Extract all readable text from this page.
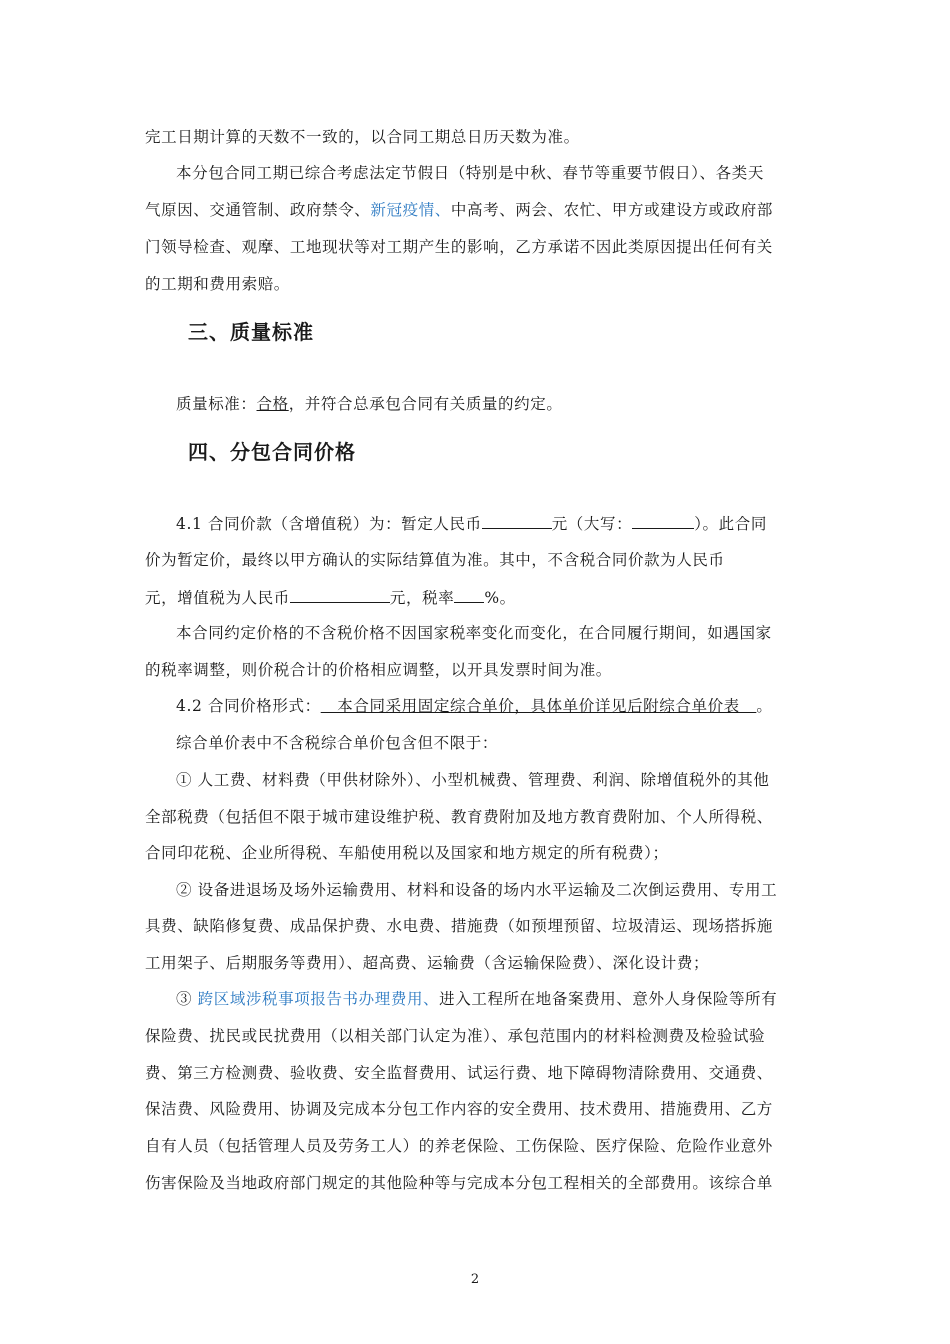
完工日期计算的天数不一致的，以合同工期总日历天数为准。
本分包合同工期已综合考虑法定节假日（特别是中秋、春节等重要节假日）、各类天
气原因、交通管制、政府禁令、新冠疫情、中高考、两会、农忙、甲方或建设方或政府部
门领导检查、观摩、工地现状等对工期产生的影响，乙方承诺不因此类原因提出任何有关
的工期和费用索赔。
三、质量标准
质量标准：合格，并符合总承包合同有关质量的约定。
四、分包合同价格
4.1 合同价款（含增值税）为：暂定人民币	元（大写：	）。此合同
价为暂定价，最终以甲方确认的实际结算值为准。其中，不含税合同价款为人民币
元，增值税为人民币	元，税率 %。
本合同约定价格的不含税价格不因国家税率变化而变化，在合同履行期间，如遇国家
的税率调整，则价税合计的价格相应调整，以开具发票时间为准。
4.2 合同价格形式：   本合同采用固定综合单价，具体单价详见后附综合单价表   。
综合单价表中不含税综合单价包含但不限于：
① 人工费、材料费（甲供材除外）、小型机械费、管理费、利润、除增值税外的其他
全部税费（包括但不限于城市建设维护税、教育费附加及地方教育费附加、个人所得税、
合同印花税、企业所得税、车船使用税以及国家和地方规定的所有税费）；
② 设备进退场及场外运输费用、材料和设备的场内水平运输及二次倒运费用、专用工
具费、缺陷修复费、成品保护费、水电费、措施费（如预埋预留、垃圾清运、现场搭拆施
工用架子、后期服务等费用）、超高费、运输费（含运输保险费）、深化设计费；
③ 跨区域涉税事项报告书办理费用、进入工程所在地备案费用、意外人身保险等所有
保险费、扰民或民扰费用（以相关部门认定为准）、承包范围内的材料检测费及检验试验
费、第三方检测费、验收费、安全监督费用、试运行费、地下障碍物清除费用、交通费、
保洁费、风险费用、协调及完成本分包工作内容的安全费用、技术费用、措施费用、乙方
自有人员（包括管理人员及劳务工人）的养老保险、工伤保险、医疗保险、危险作业意外
伤害保险及当地政府部门规定的其他险种等与完成本分包工程相关的全部费用。该综合单
2
